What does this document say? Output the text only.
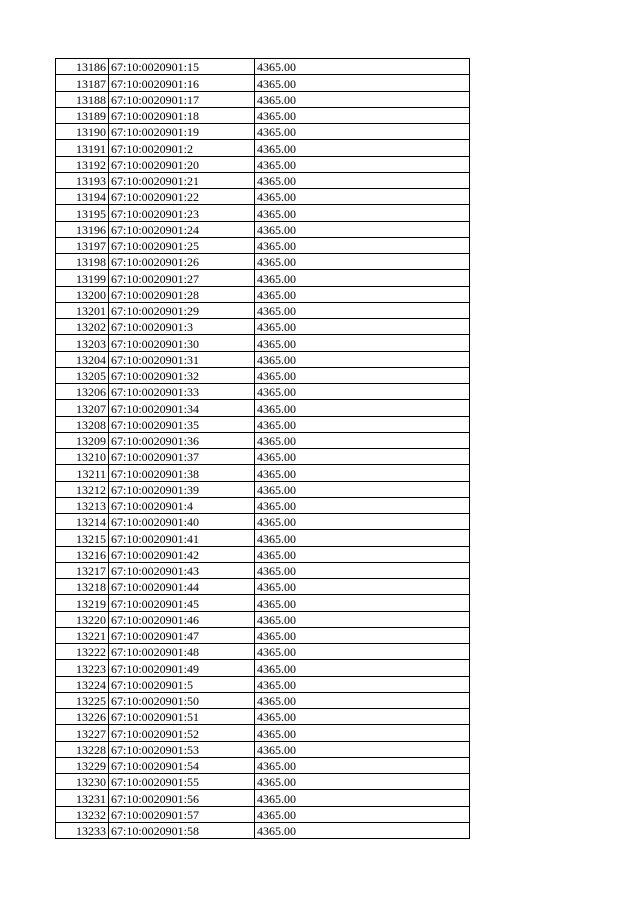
13186	67:10:0020901:15	4365.00
13187	67:10:0020901:16	4365.00
13188	67:10:0020901:17	4365.00
13189	67:10:0020901:18	4365.00
13190	67:10:0020901:19	4365.00
13191	67:10:0020901:2	4365.00
13192	67:10:0020901:20	4365.00
13193	67:10:0020901:21	4365.00
13194	67:10:0020901:22	4365.00
13195	67:10:0020901:23	4365.00
13196	67:10:0020901:24	4365.00
13197	67:10:0020901:25	4365.00
13198	67:10:0020901:26	4365.00
13199	67:10:0020901:27	4365.00
13200	67:10:0020901:28	4365.00
13201	67:10:0020901:29	4365.00
13202	67:10:0020901:3	4365.00
13203	67:10:0020901:30	4365.00
13204	67:10:0020901:31	4365.00
13205	67:10:0020901:32	4365.00
13206	67:10:0020901:33	4365.00
13207	67:10:0020901:34	4365.00
13208	67:10:0020901:35	4365.00
13209	67:10:0020901:36	4365.00
13210	67:10:0020901:37	4365.00
13211	67:10:0020901:38	4365.00
13212	67:10:0020901:39	4365.00
13213	67:10:0020901:4	4365.00
13214	67:10:0020901:40	4365.00
13215	67:10:0020901:41	4365.00
13216	67:10:0020901:42	4365.00
13217	67:10:0020901:43	4365.00
13218	67:10:0020901:44	4365.00
13219	67:10:0020901:45	4365.00
13220	67:10:0020901:46	4365.00
13221	67:10:0020901:47	4365.00
13222	67:10:0020901:48	4365.00
13223	67:10:0020901:49	4365.00
13224	67:10:0020901:5	4365.00
13225	67:10:0020901:50	4365.00
13226	67:10:0020901:51	4365.00
13227	67:10:0020901:52	4365.00
13228	67:10:0020901:53	4365.00
13229	67:10:0020901:54	4365.00
13230	67:10:0020901:55	4365.00
13231	67:10:0020901:56	4365.00
13232	67:10:0020901:57	4365.00
13233	67:10:0020901:58	4365.00
